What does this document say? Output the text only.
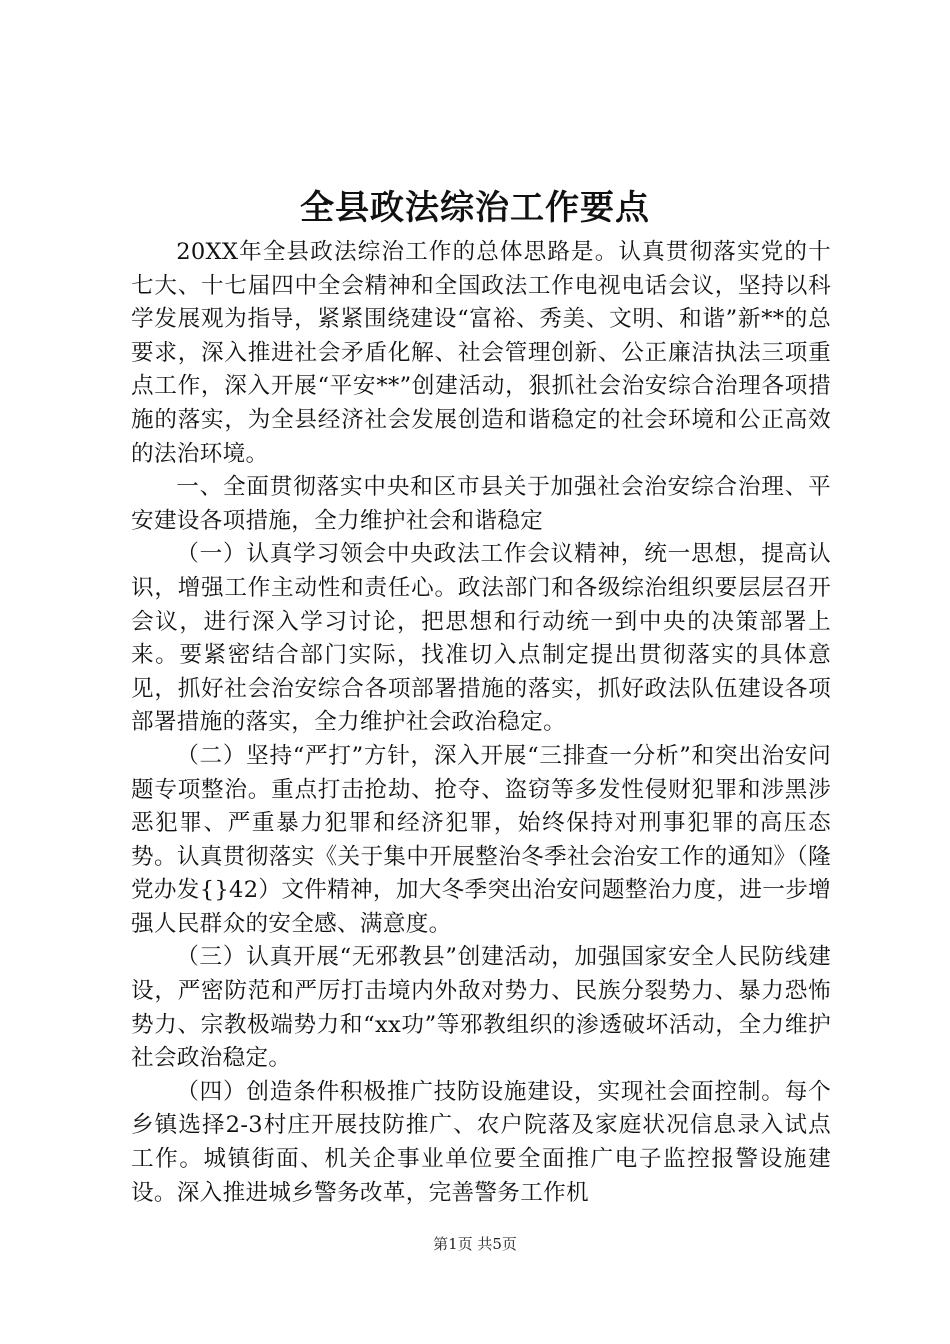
全县政法综治工作要点

20XX年全县政法综治工作的总体思路是。认真贯彻落实党的十七大、十七届四中全会精神和全国政法工作电视电话会议，坚持以科学发展观为指导，紧紧围绕建设“富裕、秀美、文明、和谐”新**的总要求，深入推进社会矛盾化解、社会管理创新、公正廉洁执法三项重点工作，深入开展“平安**”创建活动，狠抓社会治安综合治理各项措施的落实，为全县经济社会发展创造和谐稳定的社会环境和公正高效的法治环境。

一、全面贯彻落实中央和区市县关于加强社会治安综合治理、平安建设各项措施，全力维护社会和谐稳定

（一）认真学习领会中央政法工作会议精神，统一思想，提高认识，增强工作主动性和责任心。政法部门和各级综治组织要层层召开会议，进行深入学习讨论，把思想和行动统一到中央的决策部署上来。要紧密结合部门实际，找准切入点制定提出贯彻落实的具体意见，抓好社会治安综合各项部署措施的落实，抓好政法队伍建设各项部署措施的落实，全力维护社会政治稳定。

（二）坚持“严打”方针，深入开展“三排查一分析”和突出治安问题专项整治。重点打击抢劫、抢夺、盗窃等多发性侵财犯罪和涉黑涉恶犯罪、严重暴力犯罪和经济犯罪，始终保持对刑事犯罪的高压态势。认真贯彻落实《关于集中开展整治冬季社会治安工作的通知》（隆党办发{}42）文件精神，加大冬季突出治安问题整治力度，进一步增强人民群众的安全感、满意度。

（三）认真开展“无邪教县”创建活动，加强国家安全人民防线建设，严密防范和严厉打击境内外敌对势力、民族分裂势力、暴力恐怖势力、宗教极端势力和“xx功”等邪教组织的渗透破坏活动，全力维护社会政治稳定。

（四）创造条件积极推广技防设施建设，实现社会面控制。每个乡镇选择2-3村庄开展技防推广、农户院落及家庭状况信息录入试点工作。城镇街面、机关企事业单位要全面推广电子监控报警设施建设。深入推进城乡警务改革，完善警务工作机

第1页 共5页
